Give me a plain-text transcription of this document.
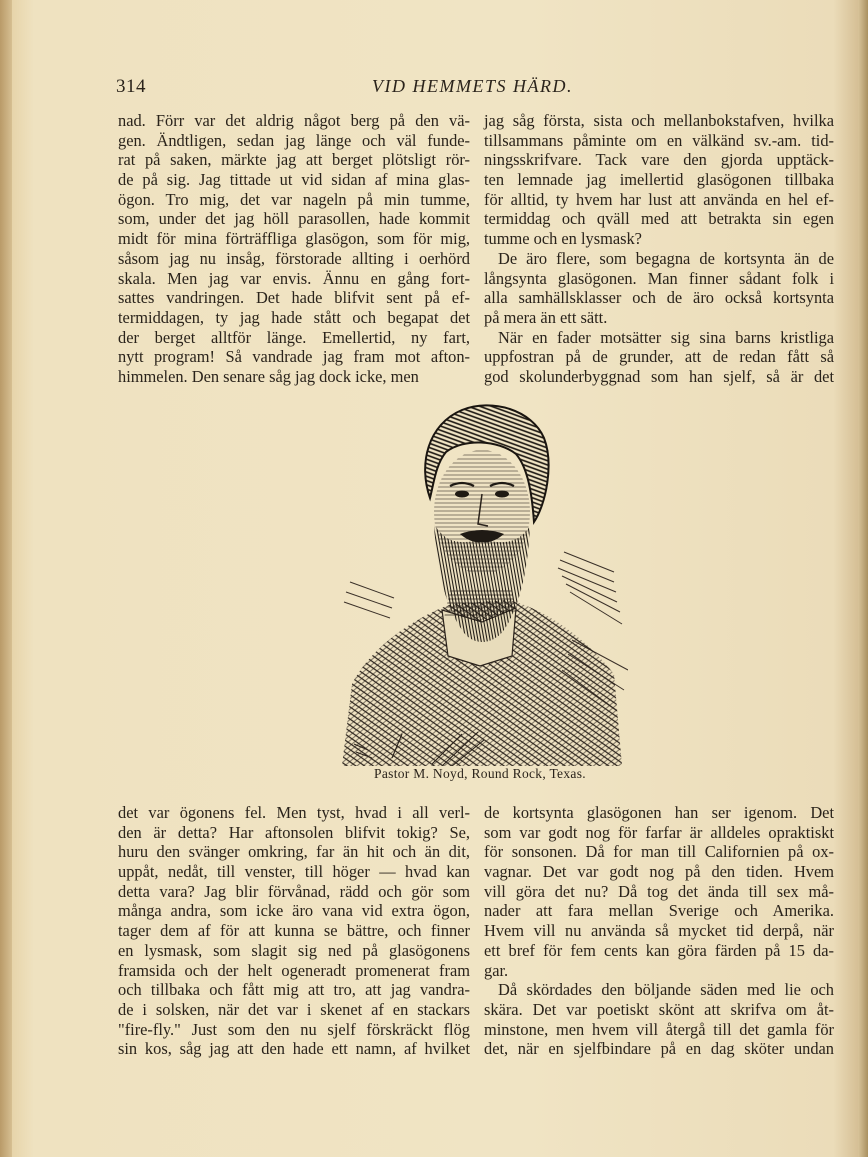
314	VID HEMMETS HÄRD.
nad. Förr var det aldrig något berg på den vä-
gen. Ändtligen, sedan jag länge och väl funde-
rat på saken, märkte jag att berget plötsligt rör-
de på sig. Jag tittade ut vid sidan af mina glas-
ögon. Tro mig, det var nageln på min tumme,
som, under det jag höll parasollen, hade kommit
midt för mina förträffliga glasögon, som för mig,
såsom jag nu insåg, förstorade allting i oerhörd
skala. Men jag var envis. Ännu en gång fort-
sattes vandringen. Det hade blifvit sent på ef-
termiddagen, ty jag hade stått och begapat det
der berget alltför länge. Emellertid, ny fart,
nytt program! Så vandrade jag fram mot afton-
himmelen. Den senare såg jag dock icke, men
jag såg första, sista och mellanbokstafven, hvilka
tillsammans påminte om en välkänd sv.-am. tid-
ningsskrifvare. Tack vare den gjorda upptäck-
ten lemnade jag imellertid glasögonen tillbaka
för alltid, ty hvem har lust att använda en hel ef-
termiddag och qväll med att betrakta sin egen
tumme och en lysmask?
De äro flere, som begagna de kortsynta än de
långsynta glasögonen. Man finner sådant folk i
alla samhällsklasser och de äro också kortsynta
på mera än ett sätt.
När en fader motsätter sig sina barns kristliga
uppfostran på de grunder, att de redan fått så
god skolunderbyggnad som han sjelf, så är det
det var ögonens fel. Men tyst, hvad i all verl-
den är detta? Har aftonsolen blifvit tokig? Se,
huru den svänger omkring, far än hit och än dit,
uppåt, nedåt, till venster, till höger — hvad kan
detta vara? Jag blir förvånad, rädd och gör som
många andra, som icke äro vana vid extra ögon,
tager dem af för att kunna se bättre, och finner
en lysmask, som slagit sig ned på glasögonens
framsida och der helt ogeneradt promenerat fram
och tillbaka och fått mig att tro, att jag vandra-
de i solsken, när det var i skenet af en stackars
"fire-fly." Just som den nu sjelf förskräckt flög
sin kos, såg jag att den hade ett namn, af hvilket
de kortsynta glasögonen han ser igenom. Det
som var godt nog för farfar är alldeles opraktiskt
för sonsonen. Då for man till Californien på ox-
vagnar. Det var godt nog på den tiden. Hvem
vill göra det nu? Då tog det ända till sex må-
nader att fara mellan Sverige och Amerika.
Hvem vill nu använda så mycket tid derpå, när
ett bref för fem cents kan göra färden på 15 da-
gar.
Då skördades den böljande säden med lie och
skära. Det var poetiskt skönt att skrifva om åt-
minstone, men hvem vill återgå till det gamla för
det, när en sjelfbindare på en dag sköter undan
Pastor M. Noyd, Round Rock, Texas.
